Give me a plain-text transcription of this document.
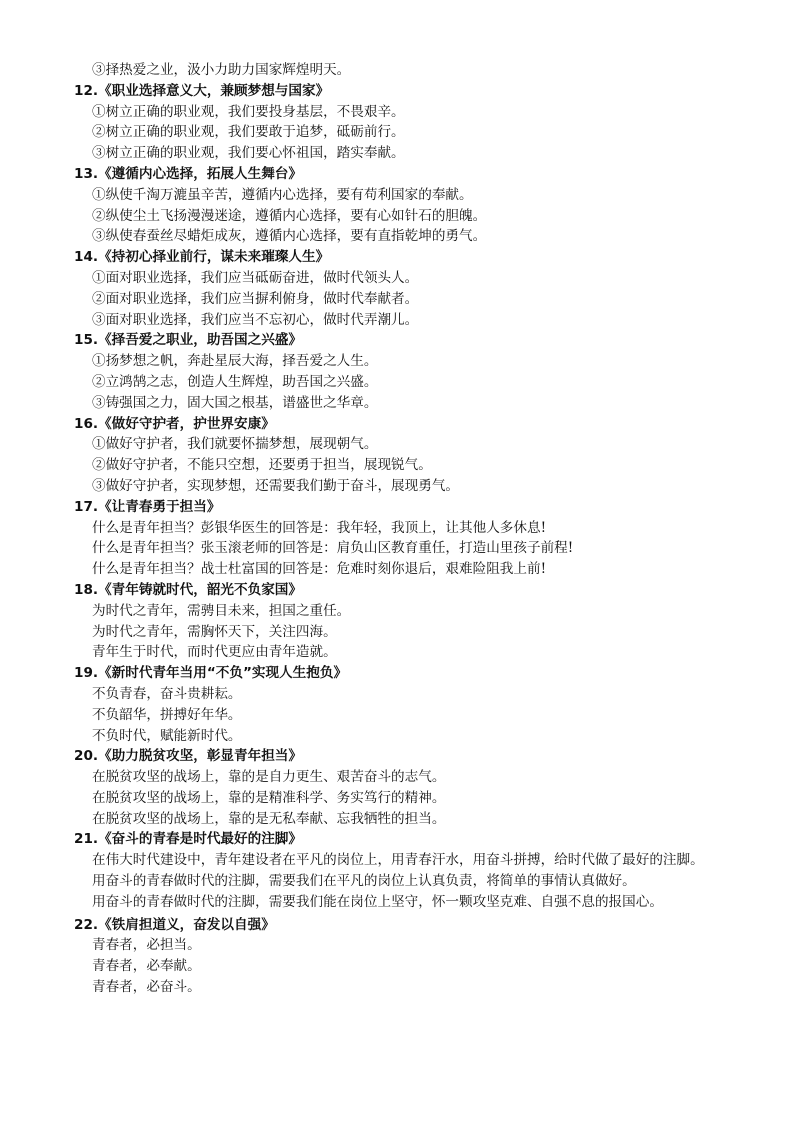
③择热爱之业，汲小力助力国家辉煌明天。
12.《职业选择意义大，兼顾梦想与国家》
①树立正确的职业观，我们要投身基层，不畏艰辛。
②树立正确的职业观，我们要敢于追梦，砥砺前行。
③树立正确的职业观，我们要心怀祖国，踏实奉献。
13.《遵循内心选择，拓展人生舞台》
①纵使千淘万漉虽辛苦，遵循内心选择，要有苟利国家的奉献。
②纵使尘土飞扬漫漫迷途，遵循内心选择，要有心如针石的胆魄。
③纵使春蚕丝尽蜡炬成灰，遵循内心选择，要有直指乾坤的勇气。
14.《持初心择业前行，谋未来璀璨人生》
①面对职业选择，我们应当砥砺奋进，做时代领头人。
②面对职业选择，我们应当摒利俯身，做时代奉献者。
③面对职业选择，我们应当不忘初心，做时代弄潮儿。
15.《择吾爱之职业，助吾国之兴盛》
①扬梦想之帆，奔赴星辰大海，择吾爱之人生。
②立鸿鹄之志，创造人生辉煌，助吾国之兴盛。
③铸强国之力，固大国之根基，谱盛世之华章。
16.《做好守护者，护世界安康》
①做好守护者，我们就要怀揣梦想，展现朝气。
②做好守护者，不能只空想，还要勇于担当，展现锐气。
③做好守护者，实现梦想，还需要我们勤于奋斗，展现勇气。
17.《让青春勇于担当》
什么是青年担当？彭银华医生的回答是：我年轻，我顶上，让其他人多休息!
什么是青年担当？张玉滚老师的回答是：肩负山区教育重任，打造山里孩子前程!
什么是青年担当？战士杜富国的回答是：危难时刻你退后，艰难险阻我上前!
18.《青年铸就时代，韶光不负家国》
为时代之青年，需骋目未来，担国之重任。
为时代之青年，需胸怀天下，关注四海。
青年生于时代，而时代更应由青年造就。
19.《新时代青年当用“不负”实现人生抱负》
不负青春，奋斗贵耕耘。
不负韶华，拼搏好年华。
不负时代，赋能新时代。
20.《助力脱贫攻坚，彰显青年担当》
在脱贫攻坚的战场上，靠的是自力更生、艰苦奋斗的志气。
在脱贫攻坚的战场上，靠的是精准科学、务实笃行的精神。
在脱贫攻坚的战场上，靠的是无私奉献、忘我牺牲的担当。
21.《奋斗的青春是时代最好的注脚》
在伟大时代建设中，青年建设者在平凡的岗位上，用青春汗水，用奋斗拼搏，给时代做了最好的注脚。
用奋斗的青春做时代的注脚，需要我们在平凡的岗位上认真负责，将简单的事情认真做好。
用奋斗的青春做时代的注脚，需要我们能在岗位上坚守，怀一颗攻坚克难、自强不息的报国心。
22.《铁肩担道义，奋发以自强》
青春者，必担当。
青春者，必奉献。
青春者，必奋斗。
